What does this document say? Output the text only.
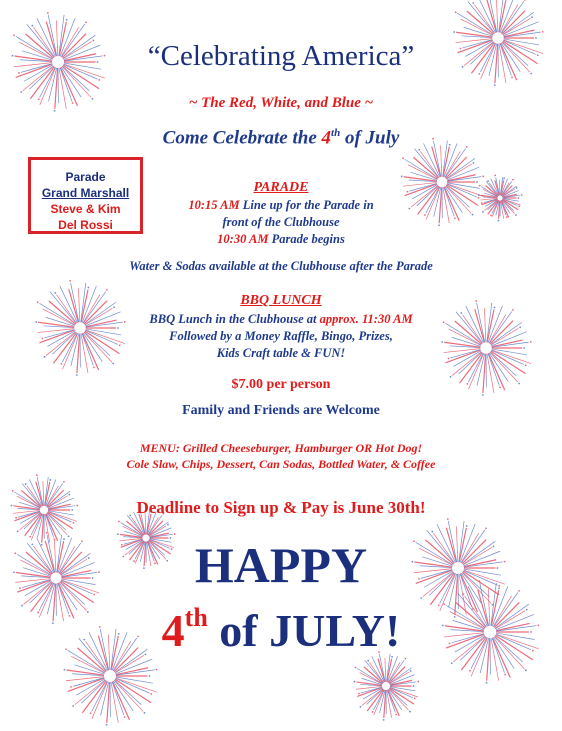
“Celebrating America”
~ The Red, White, and Blue ~
Come Celebrate the 4th of July
Parade
Grand Marshall
Steve & Kim
Del Rossi
PARADE
10:15 AM Line up for the Parade in
front of the Clubhouse
10:30 AM Parade begins
Water & Sodas available at the Clubhouse after the Parade
BBQ LUNCH
BBQ Lunch in the Clubhouse at approx. 11:30 AM
Followed by a Money Raffle, Bingo, Prizes,
Kids Craft table & FUN!
$7.00 per person
Family and Friends are Welcome
MENU: Grilled Cheeseburger, Hamburger OR Hot Dog!
Cole Slaw, Chips, Dessert, Can Sodas, Bottled Water, & Coffee
Deadline to Sign up & Pay is June 30th!
HAPPY
4th of JULY!
